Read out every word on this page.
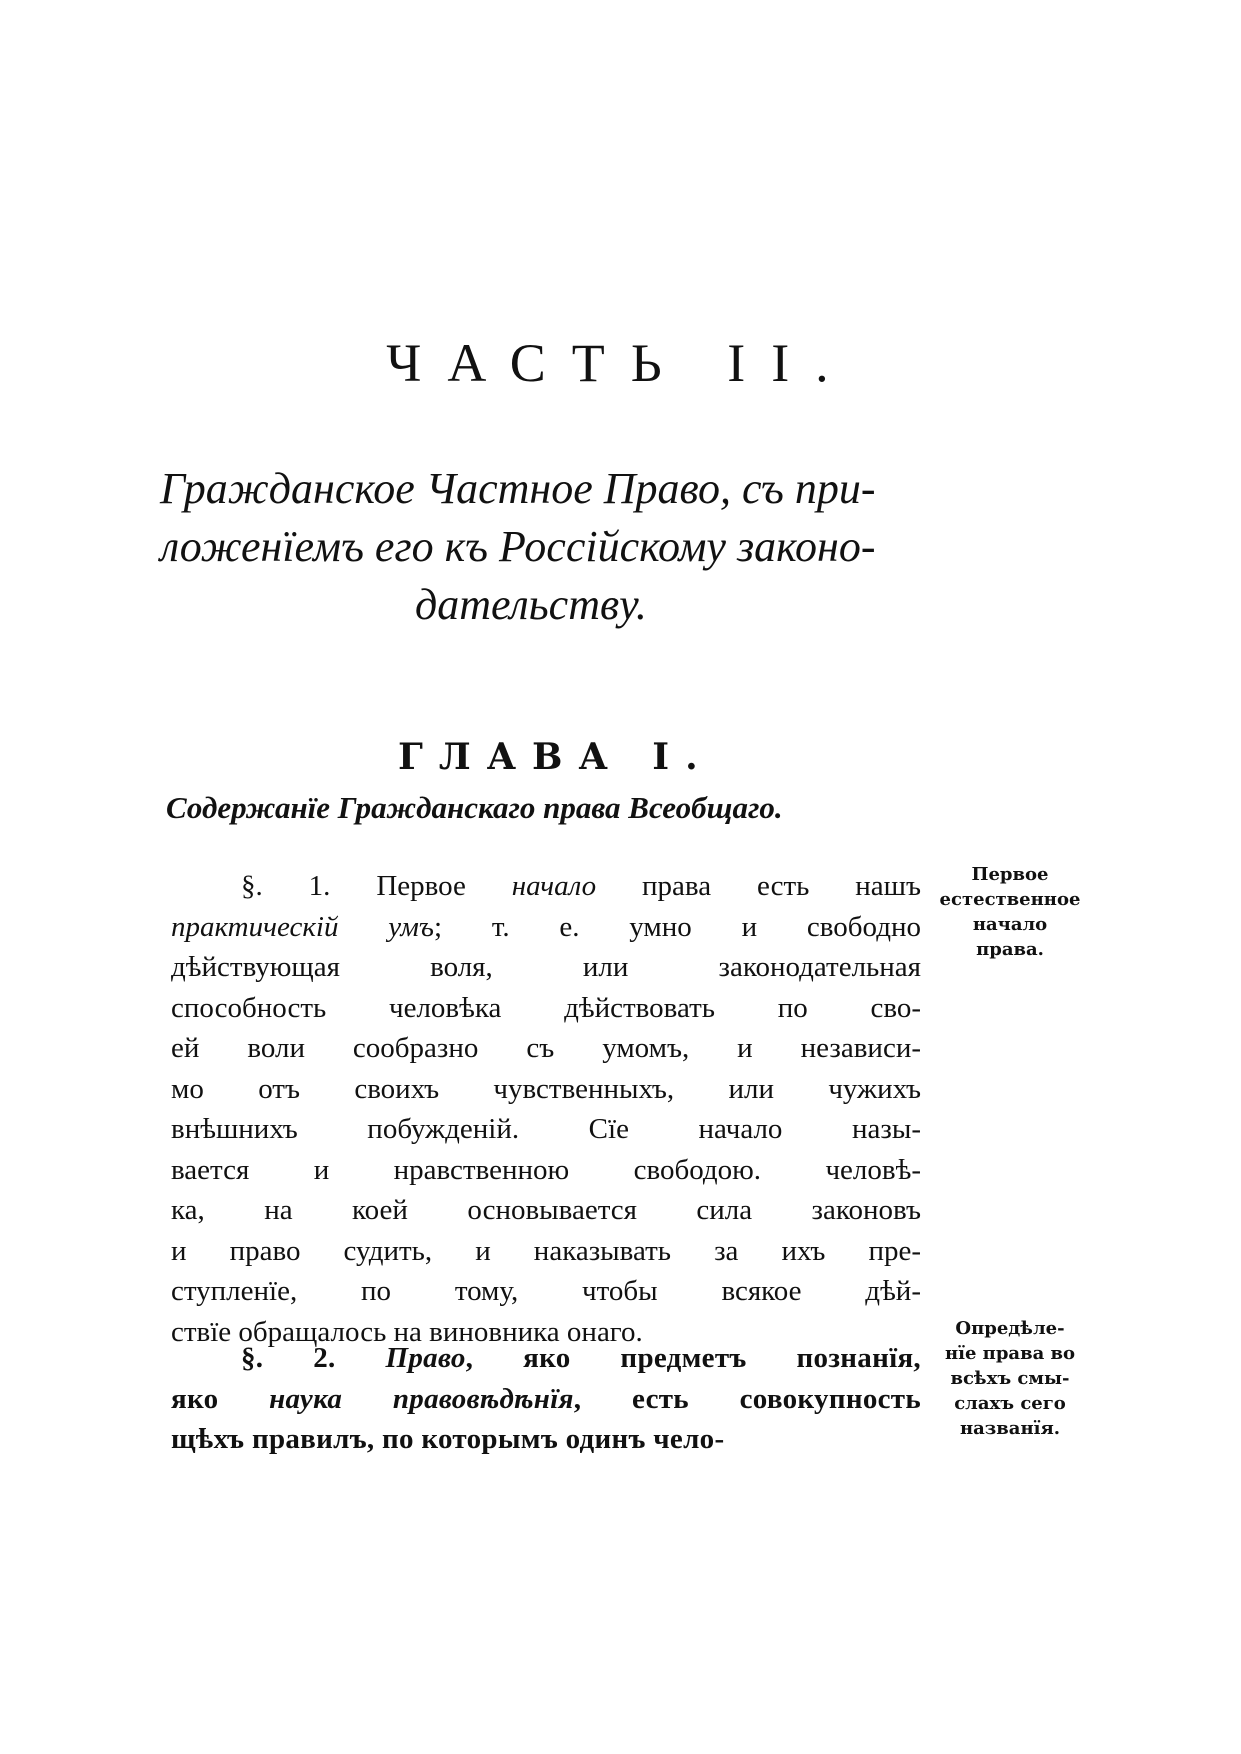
ЧАСТЬ II.
Гражданское Частное Право, съ при-
ложенїемъ его къ Россійскому законо-
дательству.
ГЛАВА I.
Содержанїе Гражданскаго права Всеобщаго.
§. 1. Первое начало права есть нашъ
практическій умъ; т. е. умно и свободно
дѣйствующая воля, или законодательная
способность человѣка дѣйствовать по сво-
ей воли сообразно съ умомъ, и независи-
мо отъ своихъ чувственныхъ, или чужихъ
внѣшнихъ побужденій. Сїе начало назы-
вается и нравственною свободою. человѣ-
ка, на коей основывается сила законовъ
и право судить, и наказывать за ихъ пре-
ступленїе, по тому, чтобы всякое дѣй-
ствїе обращалось на виновника онаго.
Первое
естественное
начало
права.
§. 2. Право, яко предметъ познанїя,
яко наука правовѣдѣнїя, есть совокупность
щѣхъ правилъ, по которымъ одинъ чело-
Опредѣле-
нїе права во
всѣхъ смы-
слахъ сего
названїя.
